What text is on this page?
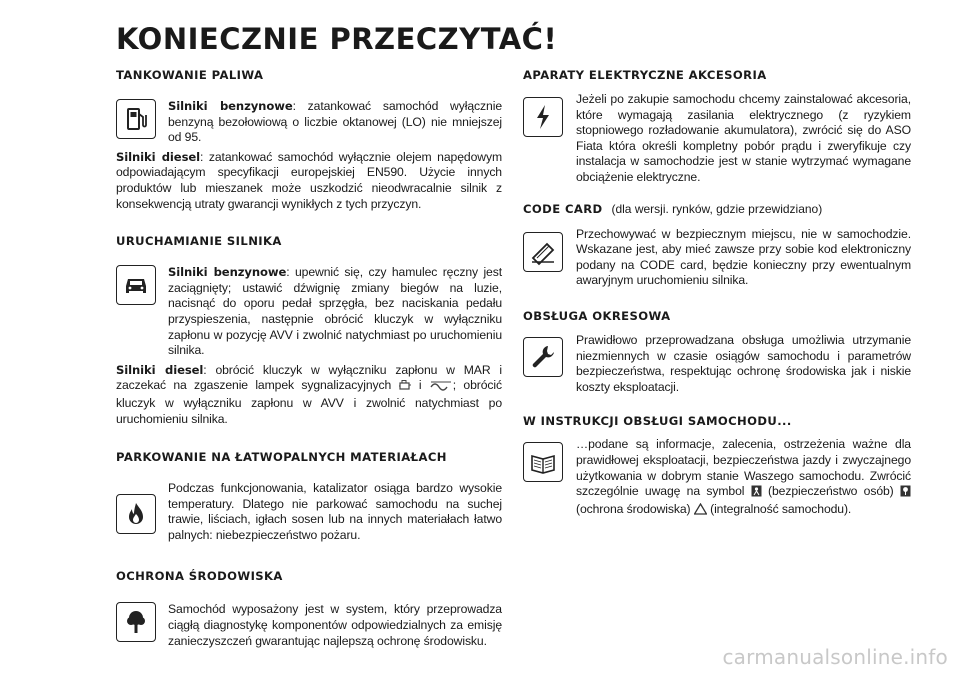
KONIECZNIE PRZECZYTAĆ!
TANKOWANIE PALIWA
Silniki benzynowe: zatankować samochód wyłącznie benzyną bezołowiową o liczbie oktanowej (LO) nie mniejszej od 95.
Silniki diesel: zatankować samochód wyłącznie olejem napędowym odpowiadającym specyfikacji europejskiej EN590. Użycie innych produktów lub mieszanek może uszkodzić nieodwracalnie silnik z konsekwencją utraty gwarancji wynikłych z tych przyczyn.
URUCHAMIANIE SILNIKA
Silniki benzynowe: upewnić się, czy hamulec ręczny jest zaciągnięty; ustawić dźwignię zmiany biegów na luzie, nacisnąć do oporu pedał sprzęgła, bez naciskania pedału przyspieszenia, następnie obrócić kluczyk w wyłączniku zapłonu w pozycję AVV i zwolnić natychmiast po uruchomieniu silnika.
Silniki diesel: obrócić kluczyk w wyłączniku zapłonu w MAR i zaczekać na zgaszenie lampek sygnalizacyjnych  i ; obrócić kluczyk w wyłączniku zapłonu w AVV i zwolnić natychmiast po uruchomieniu silnika.
PARKOWANIE NA ŁATWOPALNYCH MATERIAŁACH
Podczas funkcjonowania, katalizator osiąga bardzo wysokie temperatury. Dlatego nie parkować samochodu na suchej trawie, liściach, igłach sosen lub na innych materiałach łatwo palnych: niebezpieczeństwo pożaru.
OCHRONA ŚRODOWISKA
Samochód wyposażony jest w system, który przeprowadza ciągłą diagnostykę komponentów odpowiedzialnych za emisję zanieczyszczeń gwarantując najlepszą ochronę środowisku.
APARATY ELEKTRYCZNE AKCESORIA
Jeżeli po zakupie samochodu chcemy zainstalować akcesoria, które wymagają zasilania elektrycznego (z ryzykiem stopniowego rozładowanie akumulatora), zwrócić się do ASO Fiata która określi kompletny pobór prądu i zweryfikuje czy instalacja w samochodzie jest w stanie wytrzymać wymagane obciążenie elektryczne.
CODE CARD (dla wersji. rynków, gdzie przewidziano)
Przechowywać w bezpiecznym miejscu, nie w samochodzie. Wskazane jest, aby mieć zawsze przy sobie kod elektroniczny podany na CODE card, będzie konieczny przy ewentualnym awaryjnym uruchomieniu silnika.
OBSŁUGA OKRESOWA
Prawidłowo przeprowadzana obsługa umożliwia utrzymanie niezmiennych w czasie osiągów samochodu i parametrów bezpieczeństwa, respektując ochronę środowiska jak i niskie koszty eksploatacji.
W INSTRUKCJI OBSŁUGI SAMOCHODU...
…podane są informacje, zalecenia, ostrzeżenia ważne dla prawidłowej eksploatacji, bezpieczeństwa jazdy i zwyczajnego użytkowania w dobrym stanie Waszego samochodu. Zwrócić szczególnie uwagę na symbol (bezpieczeństwo osób)  (ochrona środowiska) (integralność samochodu).
carmanualsonline.info
